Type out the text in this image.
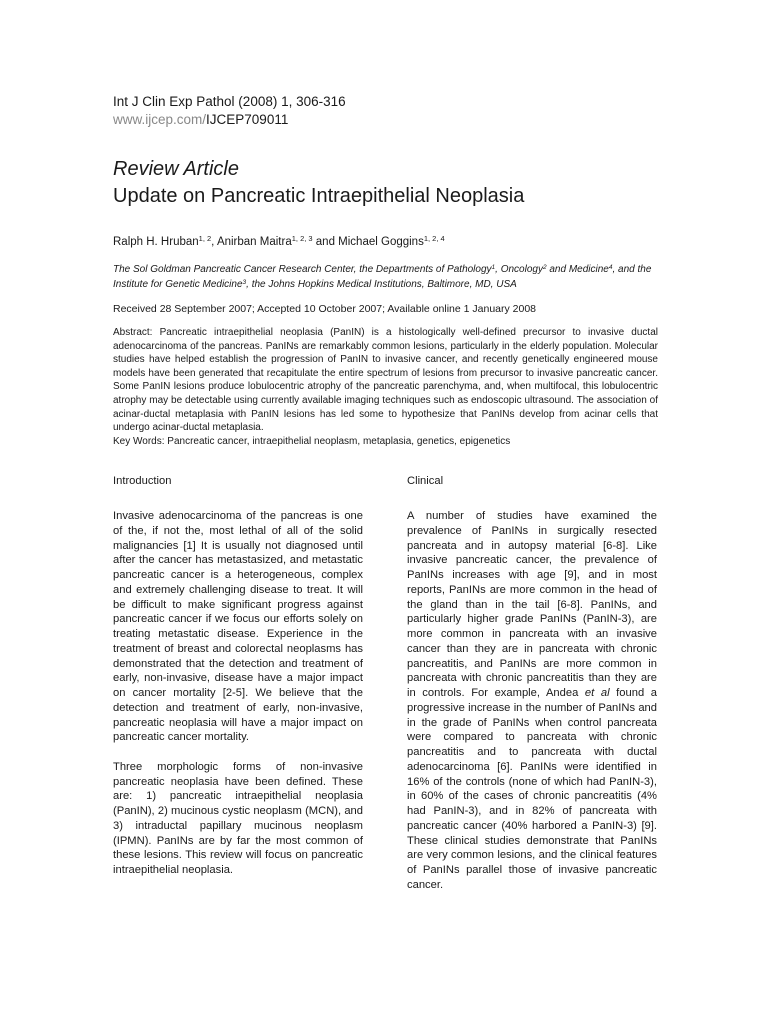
Int J Clin Exp Pathol (2008) 1, 306-316
www.ijcep.com/IJCEP709011
Review Article
Update on Pancreatic Intraepithelial Neoplasia
Ralph H. Hruban$^{1, 2}$, Anirban Maitra$^{1, 2, 3}$ and Michael Goggins$^{1, 2, 4}$
The Sol Goldman Pancreatic Cancer Research Center, the Departments of Pathology$^1$, Oncology$^2$ and Medicine$^4$, and the Institute for Genetic Medicine$^3$, the Johns Hopkins Medical Institutions, Baltimore, MD, USA
Received 28 September 2007; Accepted 10 October 2007; Available online 1 January 2008
Abstract: Pancreatic intraepithelial neoplasia (PanIN) is a histologically well-defined precursor to invasive ductal adenocarcinoma of the pancreas. PanINs are remarkably common lesions, particularly in the elderly population. Molecular studies have helped establish the progression of PanIN to invasive cancer, and recently genetically engineered mouse models have been generated that recapitulate the entire spectrum of lesions from precursor to invasive pancreatic cancer. Some PanIN lesions produce lobulocentric atrophy of the pancreatic parenchyma, and, when multifocal, this lobulocentric atrophy may be detectable using currently available imaging techniques such as endoscopic ultrasound. The association of acinar-ductal metaplasia with PanIN lesions has led some to hypothesize that PanINs develop from acinar cells that undergo acinar-ductal metaplasia.
Key Words: Pancreatic cancer, intraepithelial neoplasm, metaplasia, genetics, epigenetics
Introduction

Invasive adenocarcinoma of the pancreas is one of the, if not the, most lethal of all of the solid malignancies [1] It is usually not diagnosed until after the cancer has metastasized, and metastatic pancreatic cancer is a heterogeneous, complex and extremely challenging disease to treat. It will be difficult to make significant progress against pancreatic cancer if we focus our efforts solely on treating metastatic disease. Experience in the treatment of breast and colorectal neoplasms has demonstrated that the detection and treatment of early, non-invasive, disease have a major impact on cancer mortality [2-5]. We believe that the detection and treatment of early, non-invasive, pancreatic neoplasia will have a major impact on pancreatic cancer mortality.

Three morphologic forms of non-invasive pancreatic neoplasia have been defined. These are: 1) pancreatic intraepithelial neoplasia (PanIN), 2) mucinous cystic neoplasm (MCN), and 3) intraductal papillary mucinous neoplasm (IPMN). PanINs are by far the most common of these lesions. This review will focus on pancreatic intraepithelial neoplasia.

Clinical

A number of studies have examined the prevalence of PanINs in surgically resected pancreata and in autopsy material [6-8]. Like invasive pancreatic cancer, the prevalence of PanINs increases with age [9], and in most reports, PanINs are more common in the head of the gland than in the tail [6-8]. PanINs, and particularly higher grade PanINs (PanIN-3), are more common in pancreata with an invasive cancer than they are in pancreata with chronic pancreatitis, and PanINs are more common in pancreata with chronic pancreatitis than they are in controls. For example, Andea et al found a progressive increase in the number of PanINs and in the grade of PanINs when control pancreata were compared to pancreata with chronic pancreatitis and to pancreata with ductal adenocarcinoma [6]. PanINs were identified in 16% of the controls (none of which had PanIN-3), in 60% of the cases of chronic pancreatitis (4% had PanIN-3), and in 82% of pancreata with pancreatic cancer (40% harbored a PanIN-3) [9]. These clinical studies demonstrate that PanINs are very common lesions, and the clinical features of PanINs parallel those of invasive pancreatic cancer.
